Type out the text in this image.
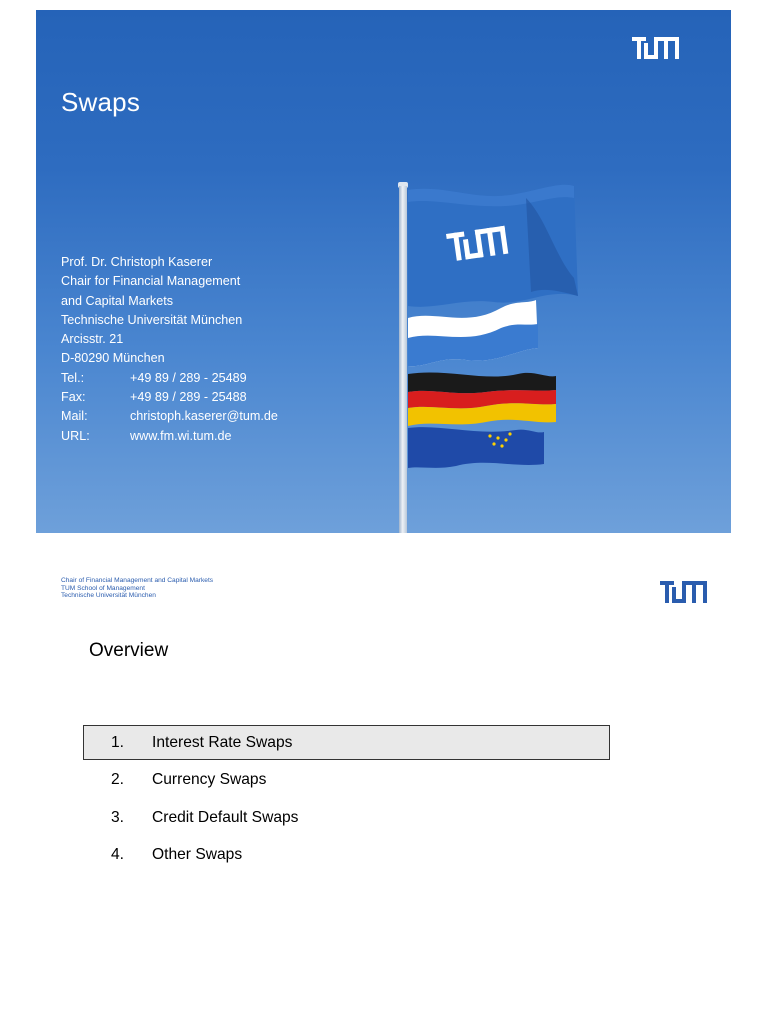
Swaps
Prof. Dr. Christoph Kaserer
Chair for Financial Management
and Capital Markets
Technische Universität München
Arcisstr. 21
D-80290 München
Tel.:	+49 89 / 289 - 25489
Fax:	+49 89 / 289 - 25488
Mail:	christoph.kaserer@tum.de
URL:	www.fm.wi.tum.de
Chair of Financial Management and Capital Markets
TUM School of Management
Technische Universität München
Overview
1.	Interest Rate Swaps
2.	Currency Swaps
3.	Credit Default Swaps
4.	Other Swaps
